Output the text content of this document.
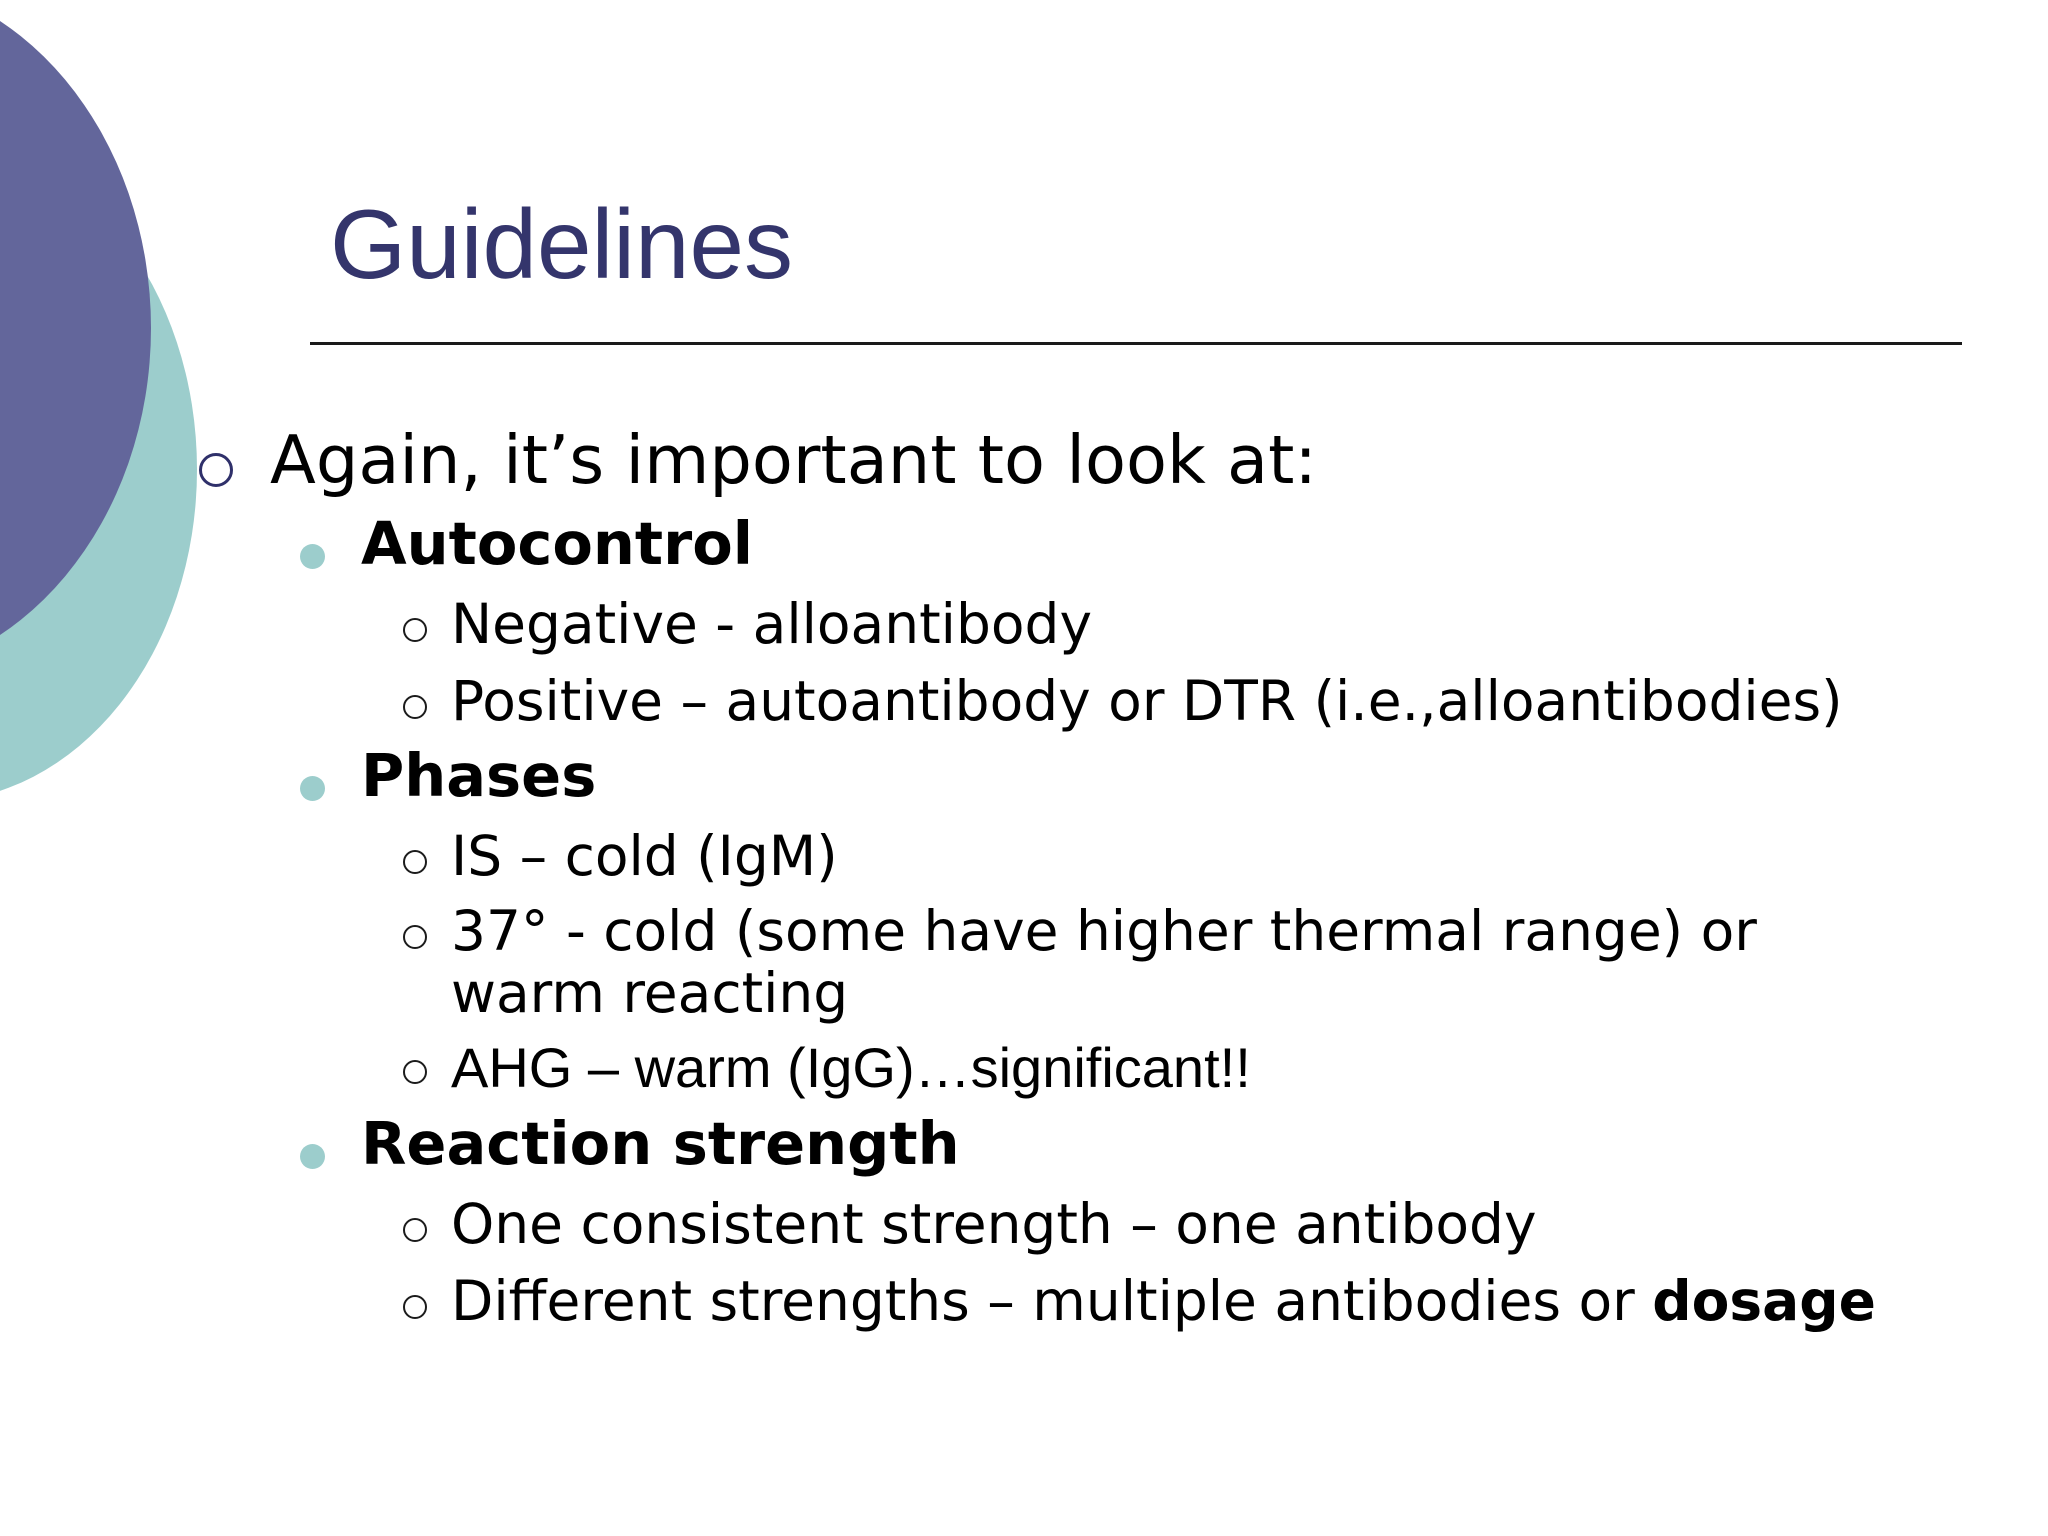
Guidelines
Again, it’s important to look at:
Autocontrol
Negative - alloantibody
Positive – autoantibody or DTR (i.e.,alloantibodies)
Phases
IS – cold (IgM)
37° - cold (some have higher thermal range) or
warm reacting
AHG – warm (IgG)…significant!!
Reaction strength
One consistent strength – one antibody
Different strengths – multiple antibodies or dosage
